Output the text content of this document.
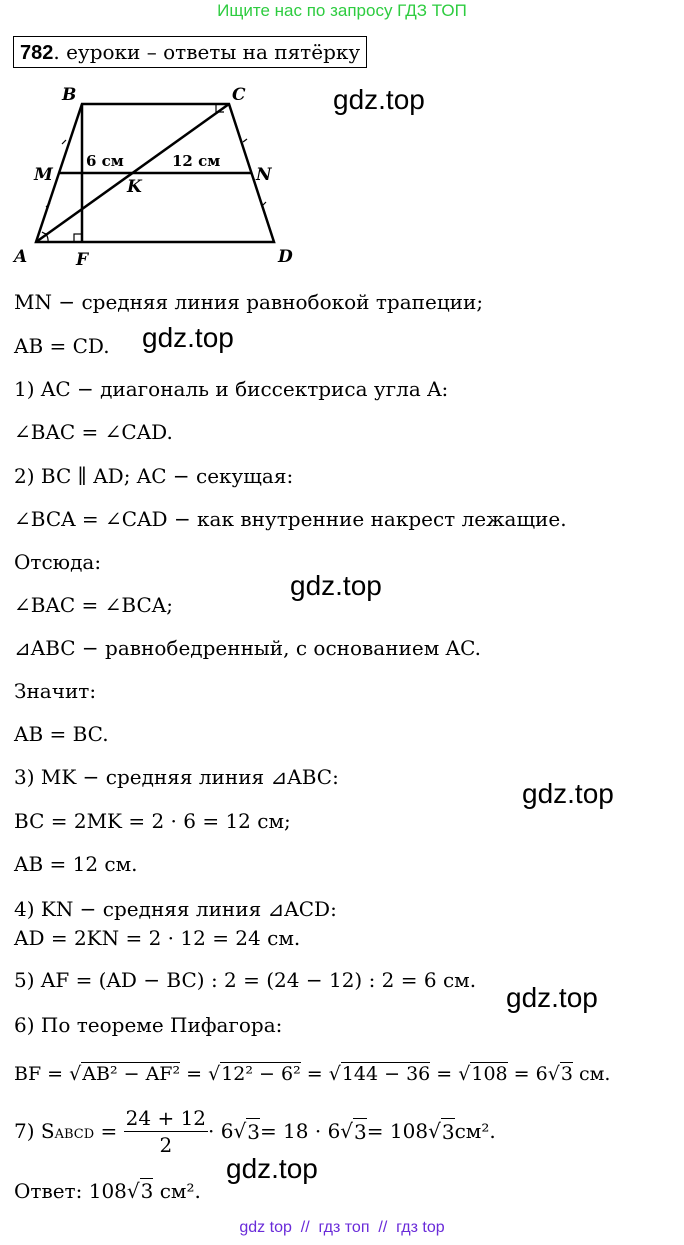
Ищите нас по запросу ГДЗ ТОП
782. еуроки – ответы на пятёрку
B	C
A	D
M	N
K
F
6 см	12 см
gdz.top
gdz.top
gdz.top
gdz.top
gdz.top
gdz.top
MN − средняя линия равнобокой трапеции;
AB = CD.
1) AC − диагональ и биссектриса угла A:
∠BAC = ∠CAD.
2) BC ∥ AD; AC − секущая:
∠BCA = ∠CAD − как внутренние накрест лежащие.
Отсюда:
∠BAC = ∠BCA;
⊿ABC − равнобедренный, с основанием AC.
Значит:
AB = BC.
3) MK − средняя линия ⊿ABC:
BC = 2MK = 2 · 6 = 12 см;
AB = 12 см.
4) KN − средняя линия ⊿ACD:
AD = 2KN = 2 · 12 = 24 см.
5) AF = (AD − BC) : 2 = (24 − 12) : 2 = 6 см.
6) По теореме Пифагора:
BF = √AB² − AF² = √12² − 6² = √144 − 36 = √108 = 6√3 см.
7) $S_{ABCD} = \frac{24 + 12}{2} \cdot 6√$ 3 = 18 · 6√ 3 = 108√ 3 см².
Ответ: 108√3 см².
gdz top  //  гдз топ  //  гдз top
